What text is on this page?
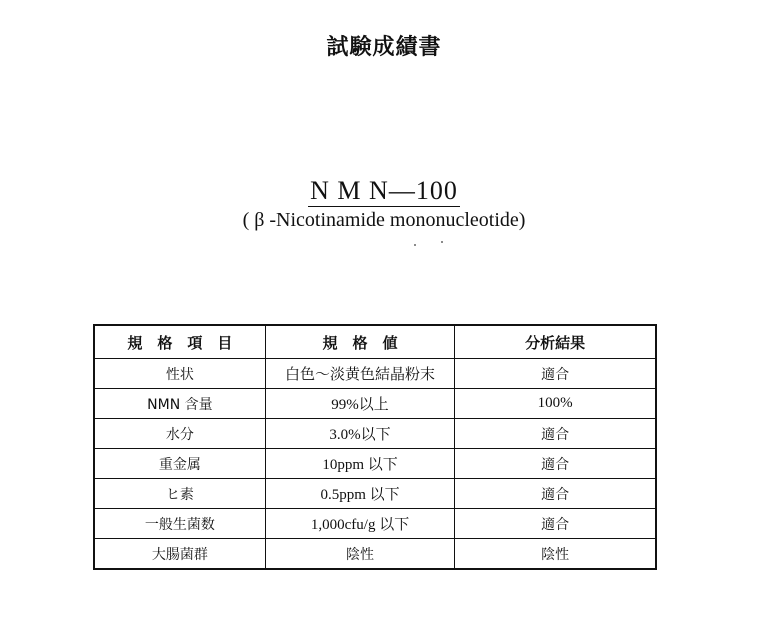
試験成績書
N M N—100
( β -Nicotinamide mononucleotide)
規　格　項　目	規　格　値	分析結果
性状	白色～淡黄色結晶粉末	適合
NMN 含量	99%以上	100%
水分	3.0%以下	適合
重金属	10ppm 以下	適合
ヒ素	0.5ppm 以下	適合
一般生菌数	1,000cfu/g 以下	適合
大腸菌群	陰性	陰性
